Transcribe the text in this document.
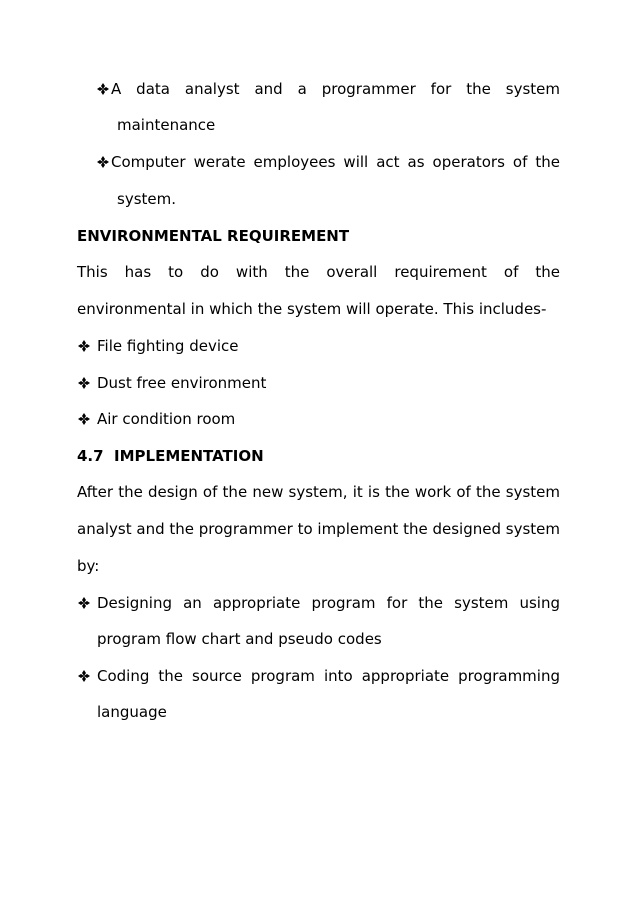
A data analyst and a programmer for the system
maintenance
Computer werate employees will act as operators of the
system.
ENVIRONMENTAL REQUIREMENT
This has to do with the overall requirement of the
environmental in which the system will operate. This includes-
File fighting device
Dust free environment
Air condition room
4.7  IMPLEMENTATION
After the design of the new system, it is the work of the system
analyst and the programmer to implement the designed system
by:
Designing an appropriate program for the system using
program flow chart and pseudo codes
Coding the source program into appropriate programming
language
